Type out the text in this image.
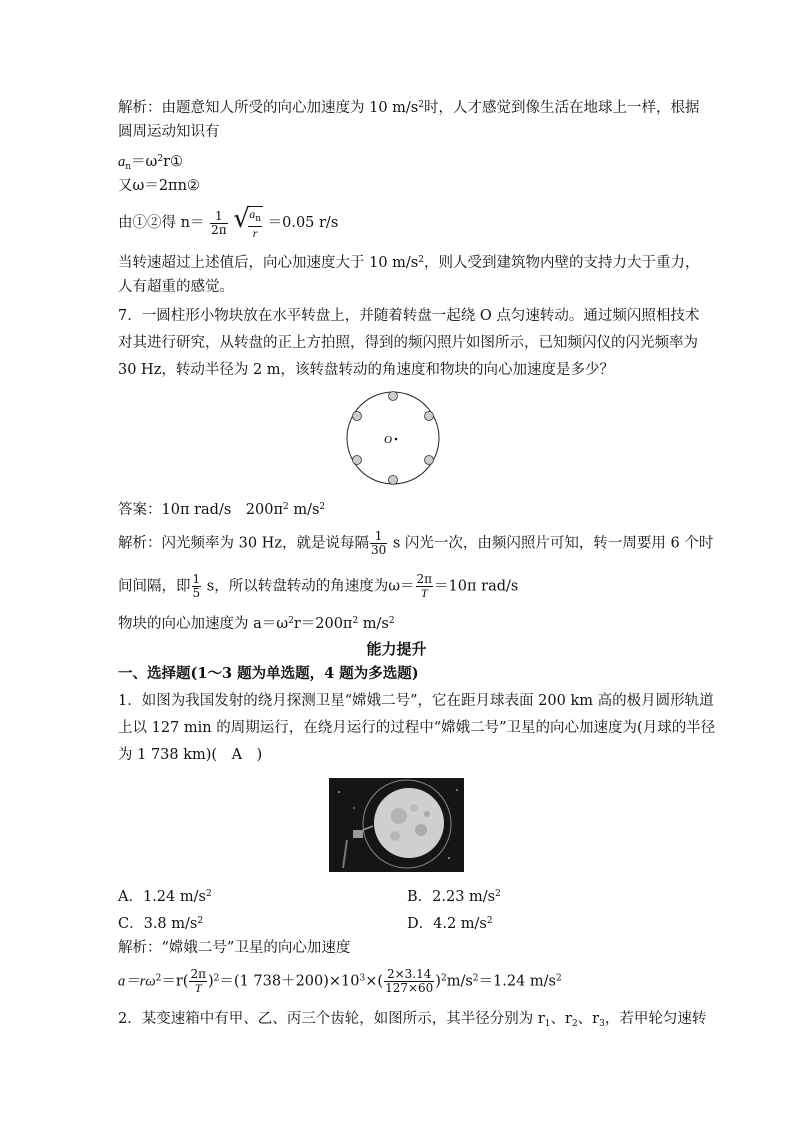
解析：由题意知人所受的向心加速度为 10 $m/s^2$时，人才感觉到像生活在地球上一样，根据
圆周运动知识有
$a_n=\omega^2r①$
又ω＝2πn②
由①②得 $n= \frac{1}{2\pi}$
√
$\frac{a_n}{r} =0.05$ r/s
当转速超过上述值后，向心加速度大于 10 $m/s^2$，则人受到建筑物内壁的支持力大于重力，
人有超重的感觉。
7．一圆柱形小物块放在水平转盘上，并随着转盘一起绕 O 点匀速转动。通过频闪照相技术
对其进行研究，从转盘的正上方拍照，得到的频闪照片如图所示，已知频闪仪的闪光频率为
30 Hz，转动半径为 2 m，该转盘转动的角速度和物块的向心加速度是多少？
O
答案：10π rad/s　$200\pi^2$ $m/s^2$
解析：闪光频率为 30 Hz，就是说每隔 $\frac{1}{30}$ s 闪光一次，由频闪照片可知，转一周要用 6 个时
间间隔，即 $\frac{1}{5}$ s，所以转盘转动的角速度为$\omega= \frac{2\pi}{T} =10\pi$ rad/s
物块的向心加速度为 $a=\omega^2r=200\pi^2$ $m/s^2$
能力提升
一、选择题(1～3 题为单选题，4 题为多选题)
1．如图为我国发射的绕月探测卫星“嫦娥二号”，它在距月球表面 200 km 高的极月圆形轨道
上以 127 min 的周期运行，在绕月运行的过程中“嫦娥二号”卫星的向心加速度为(月球的半径
为 1 738 km)(　A　)
A．1.24 $m/s^2$	B．2.23 $m/s^2$
C．3.8 $m/s^2$	D．4.2 $m/s^2$
解析：“嫦娥二号”卫星的向心加速度
$a=r\omega^2=r( \frac{2\pi}{T} )^2=(1$ $738+200)\times 10^3\times( \frac{2\times 3.14}{127\times 60} )^2m/s^2=1.24$ $m/s^2$
2．某变速箱中有甲、乙、丙三个齿轮，如图所示，其半径分别为 $r_1$、$r_2$、$r_3$，若甲轮匀速转
